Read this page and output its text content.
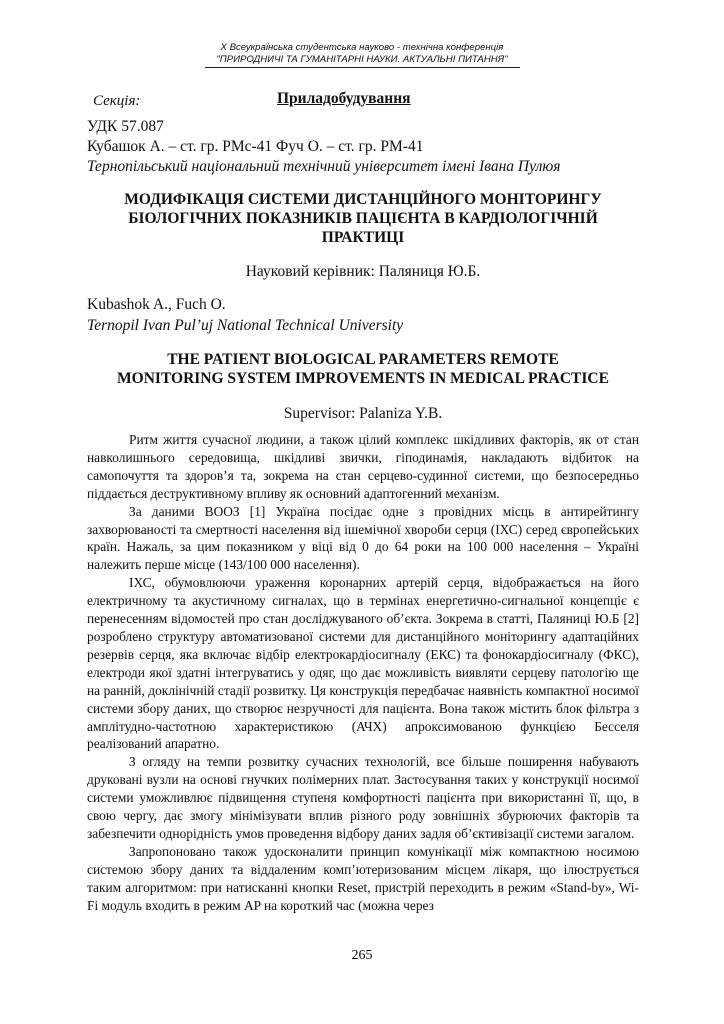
X Всеукраїнська студентська науково - технічна конференція
"ПРИРОДНИЧІ ТА ГУМАНІТАРНІ НАУКИ. АКТУАЛЬНІ ПИТАННЯ"
Секція:	Приладобудування
УДК 57.087
Кубашок А. – ст. гр. РМс-41 Фуч О. – ст. гр. РМ-41
Тернопільський національний технічний університет імені Івана Пулюя
МОДИФІКАЦІЯ СИСТЕМИ ДИСТАНЦІЙНОГО МОНІТОРИНГУ
БІОЛОГІЧНИХ ПОКАЗНИКІВ ПАЦІЄНТА В КАРДІОЛОГІЧНІЙ
ПРАКТИЦІ
Науковий керівник: Паляниця Ю.Б.
Kubashok A., Fuch O.
Ternopil Ivan Pul’uj National Technical University
THE PATIENT BIOLOGICAL PARAMETERS REMOTE
MONITORING SYSTEM IMPROVEMENTS IN MEDICAL PRACTICE
Supervisor: Palaniza Y.B.

Ритм життя сучасної людини, а також цілий комплекс шкідливих факторів, як от стан навколишнього середовища, шкідливі звички, гіподинамія, накладають відбиток на самопочуття та здоров’я та, зокрема на стан серцево-судинної системи, що безпосередньо піддається деструктивному впливу як основний адаптогенний механізм.

За даними ВООЗ [1] Україна посідає одне з провідних місць в антирейтингу захворюваності та смертності населення від ішемічної хвороби серця (ІХС) серед європейських країн. Нажаль, за цим показником у віці від 0 до 64 роки на 100 000 населення – Україні належить перше місце (143/100 000 населення).

ІХС, обумовлюючи ураження коронарних артерій серця, відображається на його електричному та акустичному сигналах, що в термінах енергетично-сигнальної концепціє є перенесенням відомостей про стан досліджуваного об’єкта. Зокрема в статті, Паляниці Ю.Б [2] розроблено структуру автоматизованої системи для дистанційного моніторингу адаптаційних резервів серця, яка включає відбір електрокардіосигналу (ЕКС) та фонокардіосигналу (ФКС), електроди якої здатні інтегруватись у одяг, що дає можливість виявляти серцеву патологію ще на ранній, доклінічній стадії розвитку. Ця конструкція передбачає наявність компактної носимої системи збору даних, що створює незручності для пацієнта. Вона також містить блок фільтра з амплітудно-частотною характеристикою (АЧХ) апроксимованою функцією Бесселя реалізований апаратно.

З огляду на темпи розвитку сучасних технологій, все більше поширення набувають друковані вузли на основі гнучких полімерних плат. Застосування таких у конструкції носимої системи уможливлює підвищення ступеня комфортності пацієнта при використанні її, що, в свою чергу, дає змогу мінімізувати вплив різного роду зовнішніх збурюючих факторів та забезпечити однорідність умов проведення відбору даних задля об’єктивізації системи загалом.

Запропоновано також удосконалити принцип комунікації між компактною носимою системою збору даних та віддаленим комп’ютеризованим місцем лікаря, що ілюструється таким алгоритмом: при натисканні кнопки Reset, пристрій переходить в режим «Stand-by», Wi-Fi модуль входить в режим AP на короткий час (можна через

265
